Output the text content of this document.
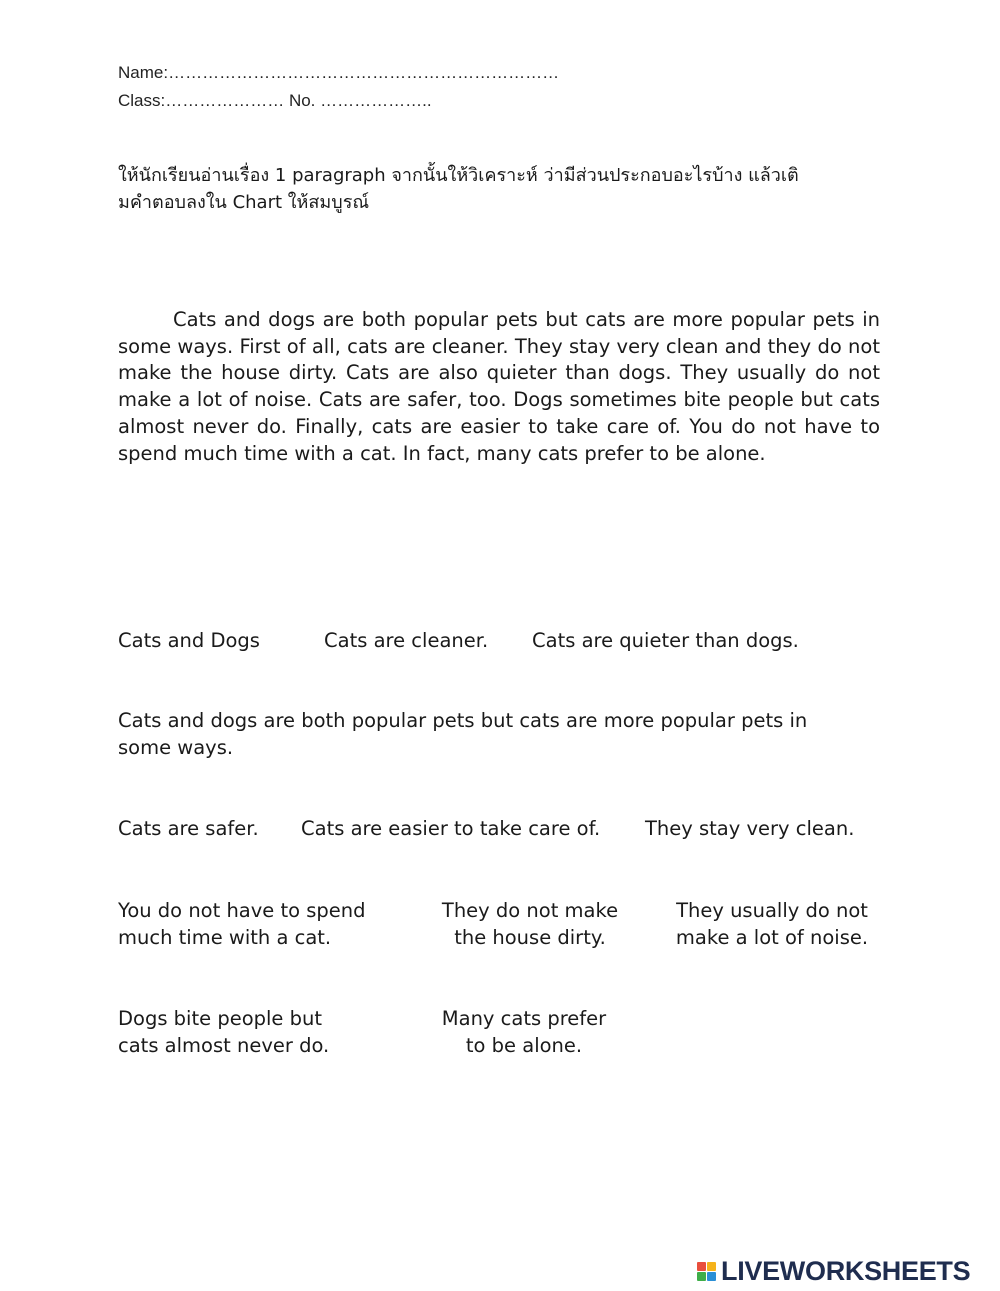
Name:……………………………………………………………
Class:………………… No. ………………..
ให้นักเรียนอ่านเรื่อง 1 paragraph จากนั้นให้วิเคราะห์ ว่ามีส่วนประกอบอะไรบ้าง แล้วเติ
มคำตอบลงใน Chart ให้สมบูรณ์
Cats and dogs are both popular pets but cats are more popular pets in some ways. First of all, cats are cleaner. They stay very clean and they do not make the house dirty. Cats are also quieter than dogs. They usually do not make a lot of noise. Cats are safer, too. Dogs sometimes bite people but cats almost never do. Finally, cats are easier to take care of. You do not have to spend much time with a cat. In fact, many cats prefer to be alone.
Cats and Dogs	Cats are cleaner. Cats are quieter than dogs.
Cats and dogs are both popular pets but cats are more popular pets in
some ways.
Cats are safer. Cats are easier to take care of. They stay very clean.
You do not have to spend
much time with a cat.
They do not make
the house dirty.
They usually do not
make a lot of noise.
Dogs bite people but
cats almost never do.
Many cats prefer
to be alone.
LIVEWORKSHEETS
